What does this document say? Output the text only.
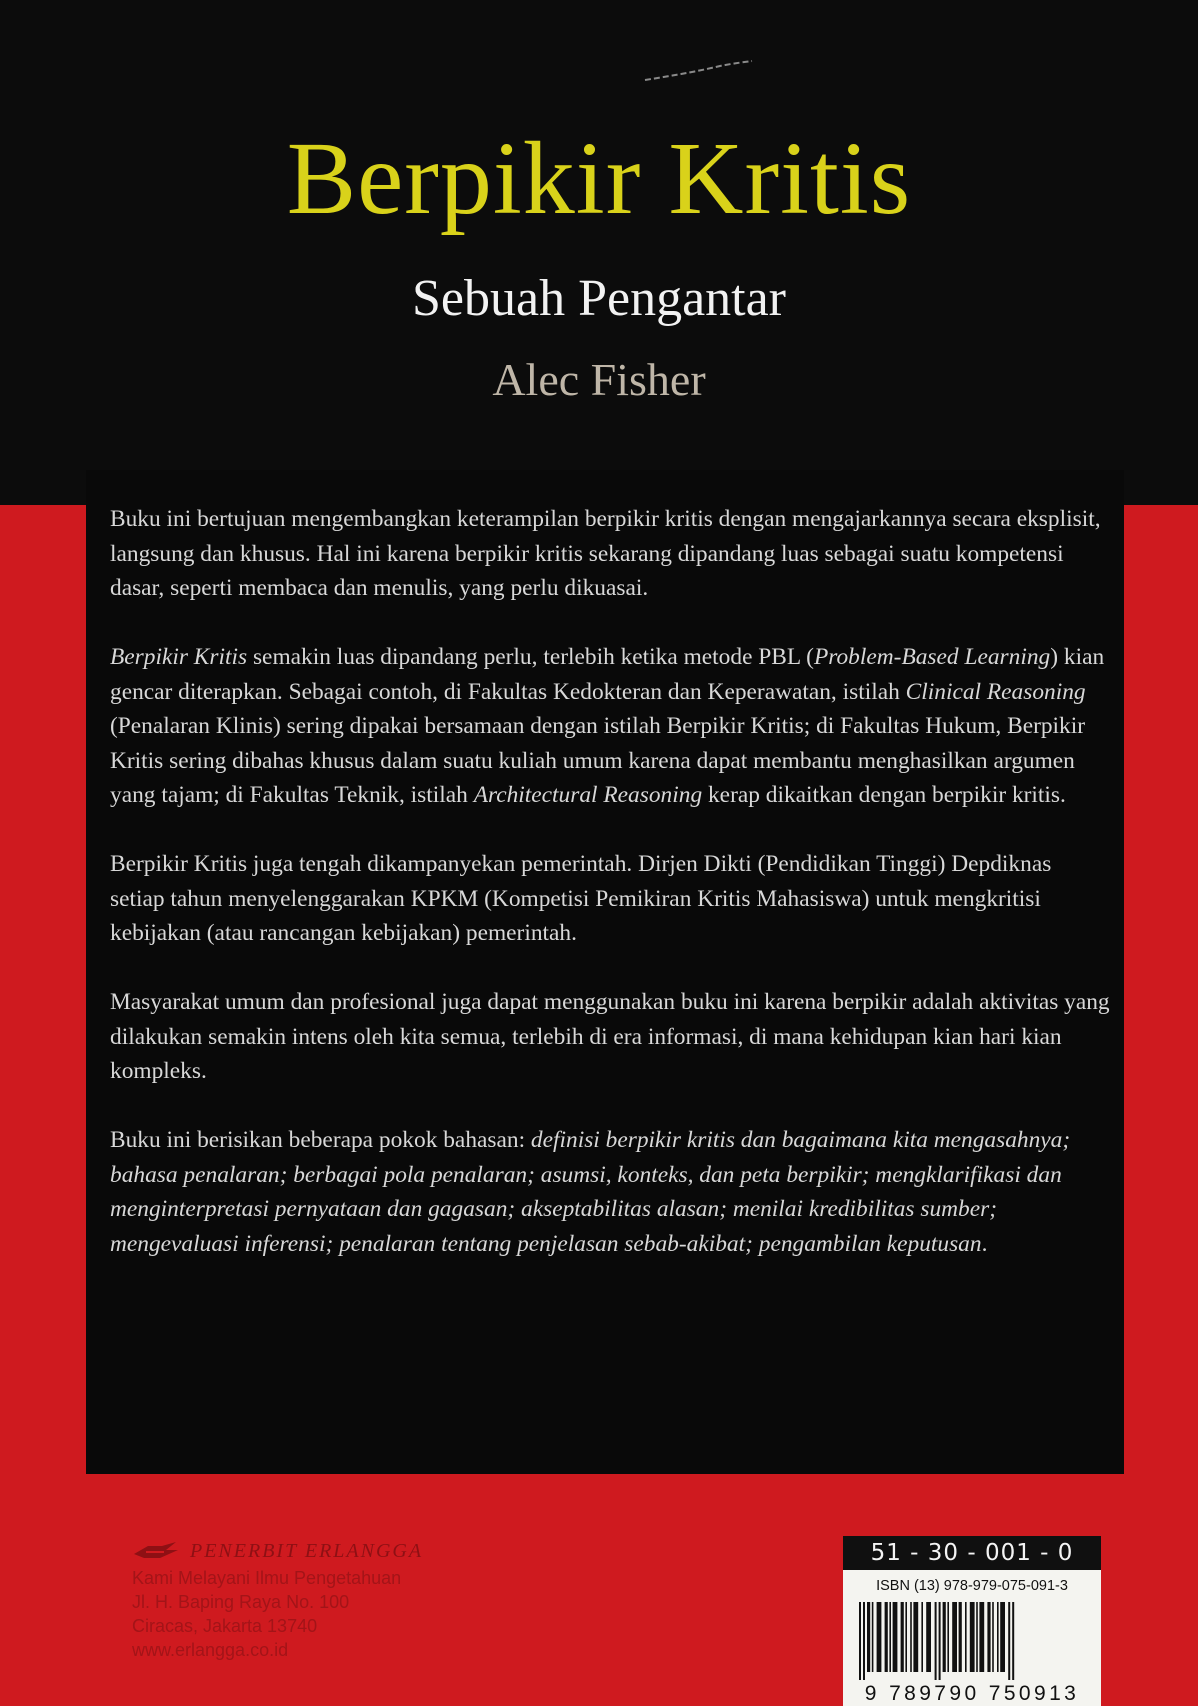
Berpikir Kritis
Sebuah Pengantar
Alec Fisher

Buku ini bertujuan mengembangkan keterampilan berpikir kritis dengan mengajarkannya secara eksplisit, langsung dan khusus. Hal ini karena berpikir kritis sekarang dipandang luas sebagai suatu kompetensi dasar, seperti membaca dan menulis, yang perlu dikuasai.

Berpikir Kritis semakin luas dipandang perlu, terlebih ketika metode PBL (Problem-Based Learning) kian gencar diterapkan. Sebagai contoh, di Fakultas Kedokteran dan Keperawatan, istilah Clinical Reasoning (Penalaran Klinis) sering dipakai bersamaan dengan istilah Berpikir Kritis; di Fakultas Hukum, Berpikir Kritis sering dibahas khusus dalam suatu kuliah umum karena dapat membantu menghasilkan argumen yang tajam; di Fakultas Teknik, istilah Architectural Reasoning kerap dikaitkan dengan berpikir kritis.

Berpikir Kritis juga tengah dikampanyekan pemerintah. Dirjen Dikti (Pendidikan Tinggi) Depdiknas setiap tahun menyelenggarakan KPKM (Kompetisi Pemikiran Kritis Mahasiswa) untuk mengkritisi kebijakan (atau rancangan kebijakan) pemerintah.

Masyarakat umum dan profesional juga dapat menggunakan buku ini karena berpikir adalah aktivitas yang dilakukan semakin intens oleh kita semua, terlebih di era informasi, di mana kehidupan kian hari kian kompleks.

Buku ini berisikan beberapa pokok bahasan: definisi berpikir kritis dan bagaimana kita mengasahnya; bahasa penalaran; berbagai pola penalaran; asumsi, konteks, dan peta berpikir; mengklarifikasi dan menginterpretasi pernyataan dan gagasan; akseptabilitas alasan; menilai kredibilitas sumber; mengevaluasi inferensi; penalaran tentang penjelasan sebab-akibat; pengambilan keputusan.

PENERBIT ERLANGGA
Kami Melayani Ilmu Pengetahuan
Jl. H. Baping Raya No. 100
Ciracas, Jakarta 13740
www.erlangga.co.id
51 - 30 - 001 - 0
ISBN (13) 978-979-075-091-3
9 789790 750913
